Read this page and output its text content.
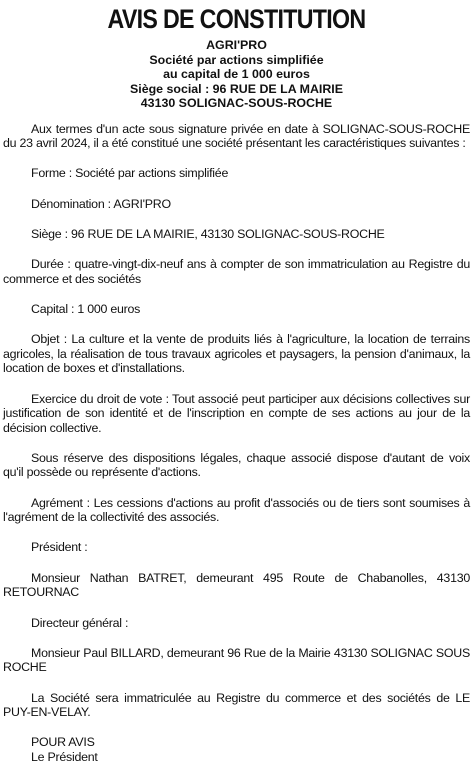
AVIS DE CONSTITUTION
AGRI'PRO
Société par actions simplifiée
au capital de 1 000 euros
Siège social : 96 RUE DE LA MAIRIE
43130 SOLIGNAC-SOUS-ROCHE

Aux termes d'un acte sous signature privée en date à SOLIGNAC-SOUS-ROCHE du 23 avril 2024, il a été constitué une société présentant les caractéristiques suivantes :

Forme : Société par actions simplifiée

Dénomination : AGRI'PRO

Siège : 96 RUE DE LA MAIRIE, 43130 SOLIGNAC-SOUS-ROCHE

Durée : quatre-vingt-dix-neuf ans à compter de son immatriculation au Registre du commerce et des sociétés

Capital : 1 000 euros

Objet : La culture et la vente de produits liés à l'agriculture, la location de terrains agricoles, la réalisation de tous travaux agricoles et paysagers, la pension d'animaux, la location de boxes et d'installations.

Exercice du droit de vote : Tout associé peut participer aux décisions collectives sur justification de son identité et de l'inscription en compte de ses actions au jour de la décision collective.

Sous réserve des dispositions légales, chaque associé dispose d'autant de voix qu'il possède ou représente d'actions.

Agrément : Les cessions d'actions au profit d'associés ou de tiers sont soumises à l'agrément de la collectivité des associés.

Président :

Monsieur Nathan BATRET, demeurant 495 Route de Chabanolles, 43130 RETOURNAC

Directeur général :

Monsieur Paul BILLARD, demeurant 96 Rue de la Mairie 43130 SOLIGNAC SOUS ROCHE

La Société sera immatriculée au Registre du commerce et des sociétés de LE PUY-EN-VELAY.

POUR AVIS
Le Président
